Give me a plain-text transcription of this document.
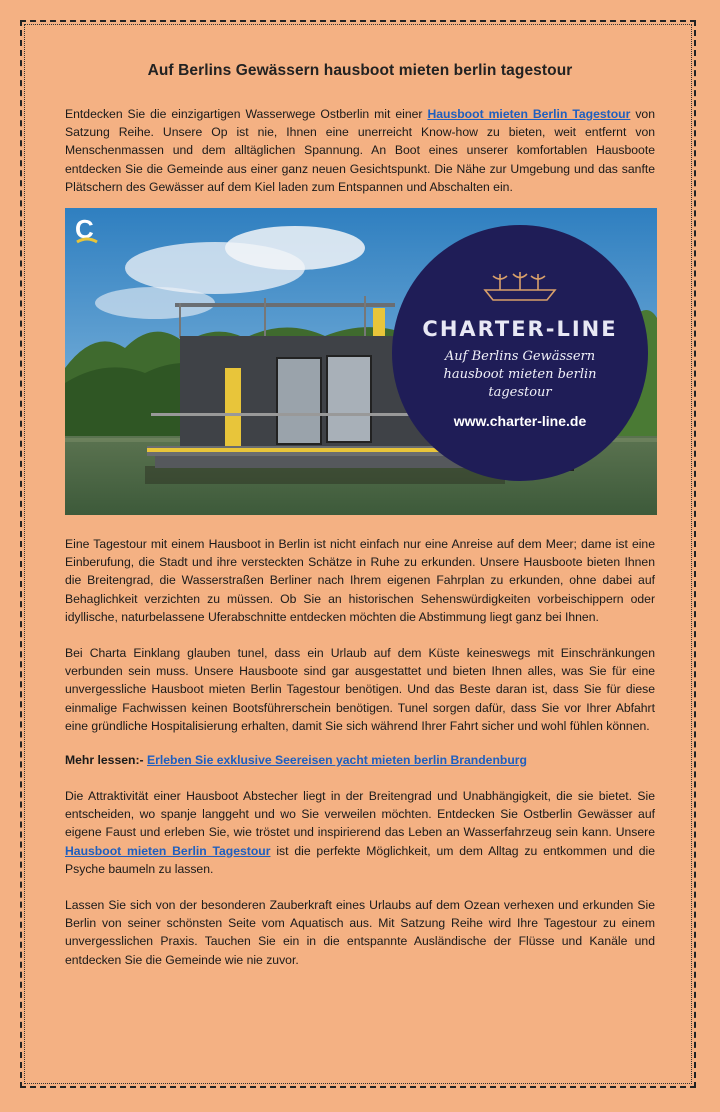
Auf Berlins Gewässern hausboot mieten berlin tagestour

Entdecken Sie die einzigartigen Wasserwege Ostberlin mit einer Hausboot mieten Berlin Tagestour von Satzung Reihe. Unsere Op ist nie, Ihnen eine unerreicht Know-how zu bieten, weit entfernt von Menschenmassen und dem alltäglichen Spannung. An Boot eines unserer komfortablen Hausboote entdecken Sie die Gemeinde aus einer ganz neuen Gesichtspunkt. Die Nähe zur Umgebung und das sanfte Plätschern des Gewässer auf dem Kiel laden zum Entspannen und Abschalten ein.

C
CHARTER-LINE
Auf Berlins Gewässern
hausboot mieten berlin
tagestour
www.charter-line.de

Eine Tagestour mit einem Hausboot in Berlin ist nicht einfach nur eine Anreise auf dem Meer; dame ist eine Einberufung, die Stadt und ihre versteckten Schätze in Ruhe zu erkunden. Unsere Hausboote bieten Ihnen die Breitengrad, die Wasserstraßen Berliner nach Ihrem eigenen Fahrplan zu erkunden, ohne dabei auf Behaglichkeit verzichten zu müssen. Ob Sie an historischen Sehenswürdigkeiten vorbeischippern oder idyllische, naturbelassene Uferabschnitte entdecken möchten die Abstimmung liegt ganz bei Ihnen.

Bei Charta Einklang glauben tunel, dass ein Urlaub auf dem Küste keineswegs mit Einschränkungen verbunden sein muss. Unsere Hausboote sind gar ausgestattet und bieten Ihnen alles, was Sie für eine unvergessliche Hausboot mieten Berlin Tagestour benötigen. Und das Beste daran ist, dass Sie für diese einmalige Fachwissen keinen Bootsführerschein benötigen. Tunel sorgen dafür, dass Sie vor Ihrer Abfahrt eine gründliche Hospitalisierung erhalten, damit Sie sich während Ihrer Fahrt sicher und wohl fühlen können.

Mehr lessen:- Erleben Sie exklusive Seereisen yacht mieten berlin Brandenburg

Die Attraktivität einer Hausboot Abstecher liegt in der Breitengrad und Unabhängigkeit, die sie bietet. Sie entscheiden, wo spanje langgeht und wo Sie verweilen möchten. Entdecken Sie Ostberlin Gewässer auf eigene Faust und erleben Sie, wie tröstet und inspirierend das Leben an Wasserfahrzeug sein kann. Unsere Hausboot mieten Berlin Tagestour ist die perfekte Möglichkeit, um dem Alltag zu entkommen und die Psyche baumeln zu lassen.

Lassen Sie sich von der besonderen Zauberkraft eines Urlaubs auf dem Ozean verhexen und erkunden Sie Berlin von seiner schönsten Seite vom Aquatisch aus. Mit Satzung Reihe wird Ihre Tagestour zu einem unvergesslichen Praxis. Tauchen Sie ein in die entspannte Ausländische der Flüsse und Kanäle und entdecken Sie die Gemeinde wie nie zuvor.
